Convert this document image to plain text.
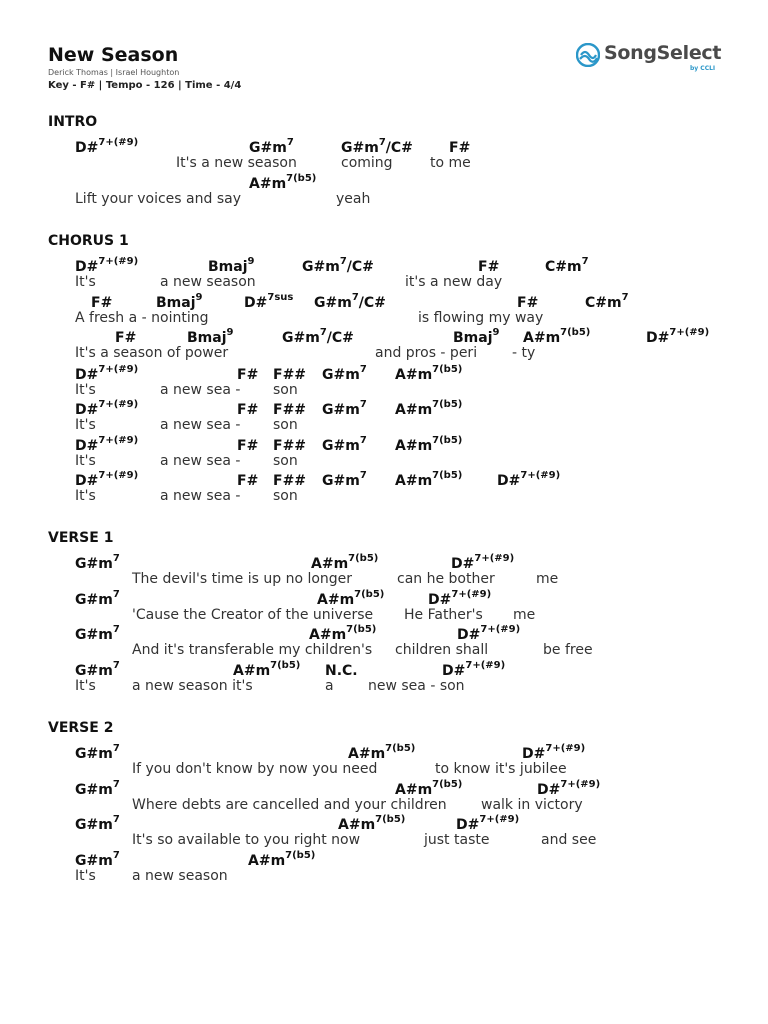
New Season
Derick Thomas | Israel Houghton
Key - F# | Tempo - 126 | Time - 4/4
SongSelect
by CCLI
INTRO
D#$^{7+(\#9)}$	$G\#m^7$	$G\#m^7/C\#$	F#
It's a new season	coming	to me
$A\#m^{7(b5)}$
Lift your voices and say	yeah
CHORUS 1
D#$^{7+(\#9)}$	Bmaj$^9$	$G\#m^7/C\#$	F#	$C\#m^7$
It's	a new season	it's a new day
F#	Bmaj$^9$	D#$^{7sus}$ $G\#m^7/C\#$	F#	$C\#m^7$
A fresh a - nointing	is flowing my way
F#	Bmaj$^9$	$G\#m^7/C\#$	Bmaj$^9$ $A\#m^{7(b5)}$	D#$^{7+(\#9)}$
It's a season of power	and pros - peri - ty
D#$^{7+(\#9)}$	F# F## $G\#m^7$ $A\#m^{7(b5)}$
It's	a new sea - son
D#$^{7+(\#9)}$	F# F## $G\#m^7$ $A\#m^{7(b5)}$
It's	a new sea - son
D#$^{7+(\#9)}$	F# F## $G\#m^7$ $A\#m^{7(b5)}$
It's	a new sea - son
D#$^{7+(\#9)}$	F# F## $G\#m^7$ $A\#m^{7(b5)}$ D#$^{7+(\#9)}$
It's	a new sea - son
VERSE 1
$G\#m^7$	$A\#m^{7(b5)}$	D#$^{7+(\#9)}$
The devil's time is up no longer	can he bother	me
$G\#m^7$	$A\#m^{7(b5)}$	D#$^{7+(\#9)}$
'Cause the Creator of the universe He Father's me
$G\#m^7$	$A\#m^{7(b5)}$	D#$^{7+(\#9)}$
And it's transferable my children's children shall	be free
$G\#m^7$	$A\#m^{7(b5)}$ N.C.	D#$^{7+(\#9)}$
It's	a new season it's	a new sea - son
VERSE 2
$G\#m^7$	$A\#m^{7(b5)}$	D#$^{7+(\#9)}$
If you don't know by now you need	to know it's jubilee
$G\#m^7$	$A\#m^{7(b5)}$	D#$^{7+(\#9)}$
Where debts are cancelled and your children walk in victory
$G\#m^7$	$A\#m^{7(b5)}$	D#$^{7+(\#9)}$
It's so available to you right now	just taste	and see
$G\#m^7$	$A\#m^{7(b5)}$
It's	a new season
